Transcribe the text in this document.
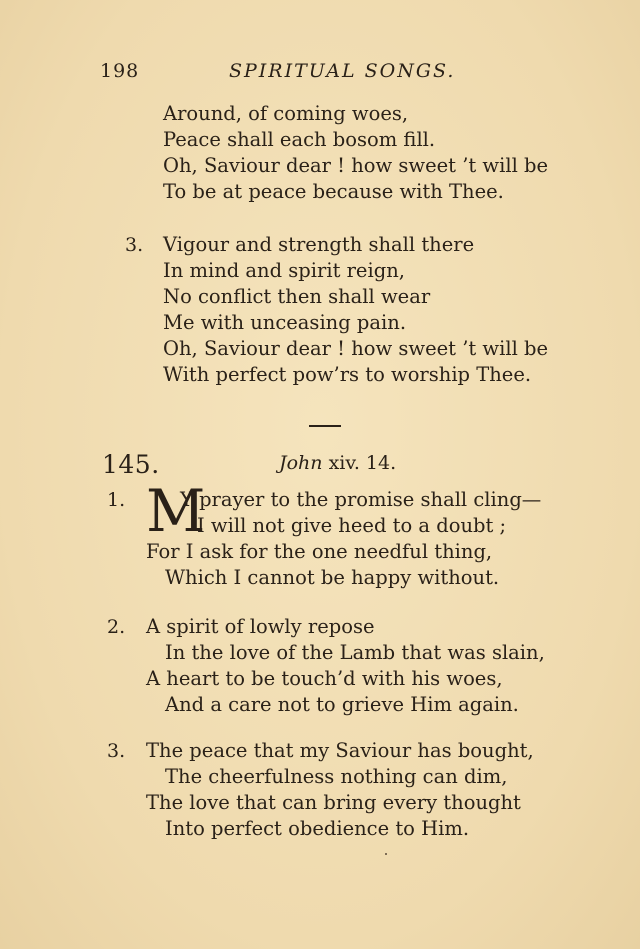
198	SPIRITUAL SONGS.
Around, of coming woes,
Peace shall each bosom fill.
Oh, Saviour dear ! how sweet ’t will be
To be at peace because with Thee.
3. Vigour and strength shall there
In mind and spirit reign,
No conflict then shall wear
Me with unceasing pain.
Oh, Saviour dear ! how sweet ’t will be
With perfect pow’rs to worship Thee.
145.	John xiv. 14.
1. M
Y prayer to the promise shall cling—
I will not give heed to a doubt ;
For I ask for the one needful thing,
Which I cannot be happy without.
2. A spirit of lowly repose
In the love of the Lamb that was slain,
A heart to be touch’d with his woes,
And a care not to grieve Him again.
3. The peace that my Saviour has bought,
The cheerfulness nothing can dim,
The love that can bring every thought
Into perfect obedience to Him.
